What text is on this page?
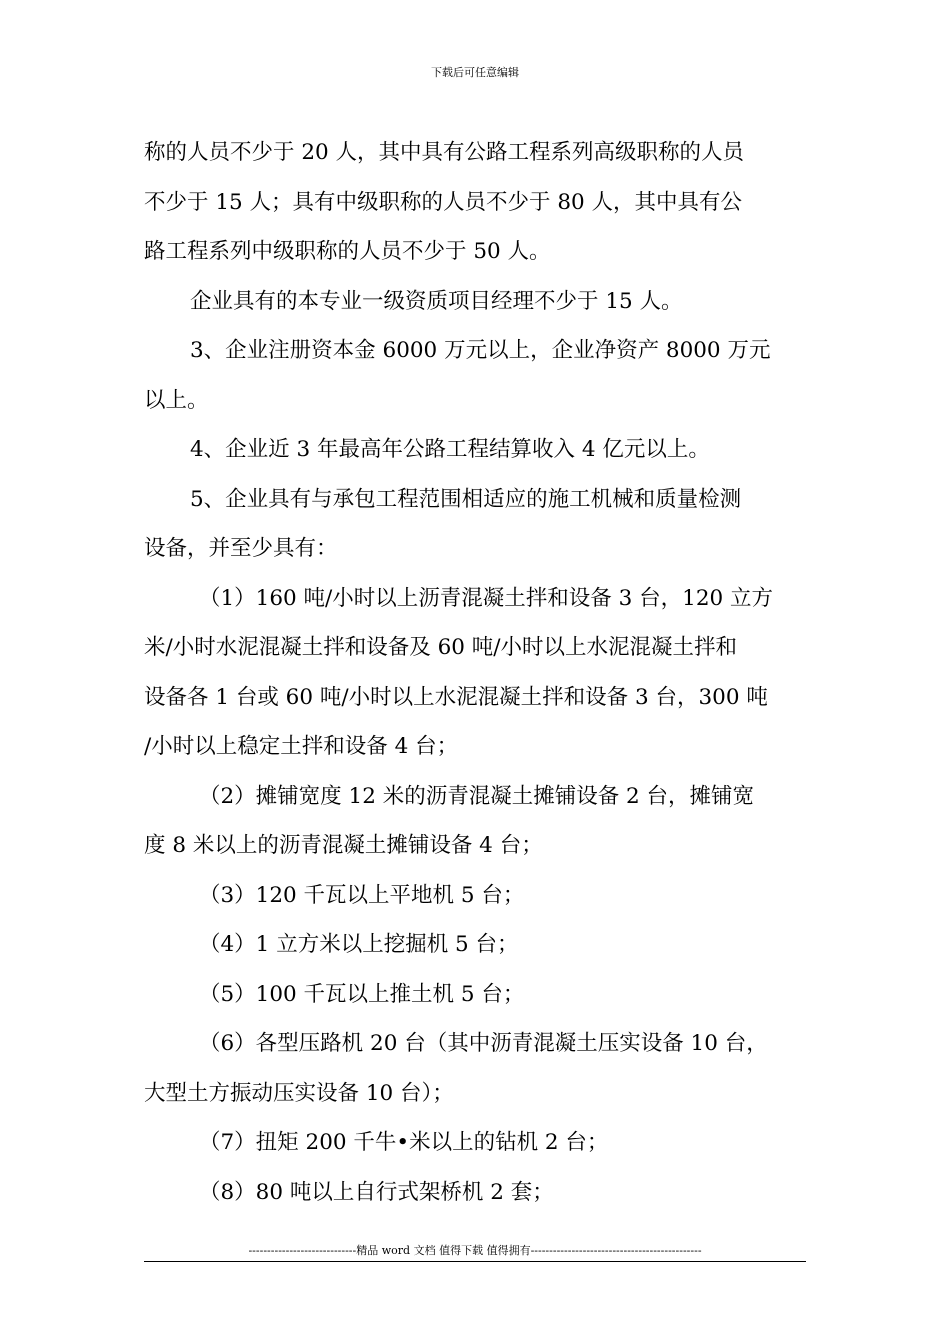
下载后可任意编辑
称的人员不少于 20 人，其中具有公路工程系列高级职称的人员
不少于 15 人；具有中级职称的人员不少于 80 人，其中具有公
路工程系列中级职称的人员不少于 50 人。
企业具有的本专业一级资质项目经理不少于 15 人。
3、企业注册资本金 6000 万元以上，企业净资产 8000 万元
以上。
4、企业近 3 年最高年公路工程结算收入 4 亿元以上。
5、企业具有与承包工程范围相适应的施工机械和质量检测
设备，并至少具有：
（1）160 吨/小时以上沥青混凝土拌和设备 3 台，120 立方
米/小时水泥混凝土拌和设备及 60 吨/小时以上水泥混凝土拌和
设备各 1 台或 60 吨/小时以上水泥混凝土拌和设备 3 台，300 吨
/小时以上稳定土拌和设备 4 台；
（2）摊铺宽度 12 米的沥青混凝土摊铺设备 2 台，摊铺宽
度 8 米以上的沥青混凝土摊铺设备 4 台；
（3）120 千瓦以上平地机 5 台；
（4）1 立方米以上挖掘机 5 台；
（5）100 千瓦以上推土机 5 台；
（6）各型压路机 20 台（其中沥青混凝土压实设备 10 台，
大型土方振动压实设备 10 台）；
（7）扭矩 200 千牛•米以上的钻机 2 台；
（8）80 吨以上自行式架桥机 2 套；
-----------------------------精品 word 文档 值得下载 值得拥有----------------------------------------------
